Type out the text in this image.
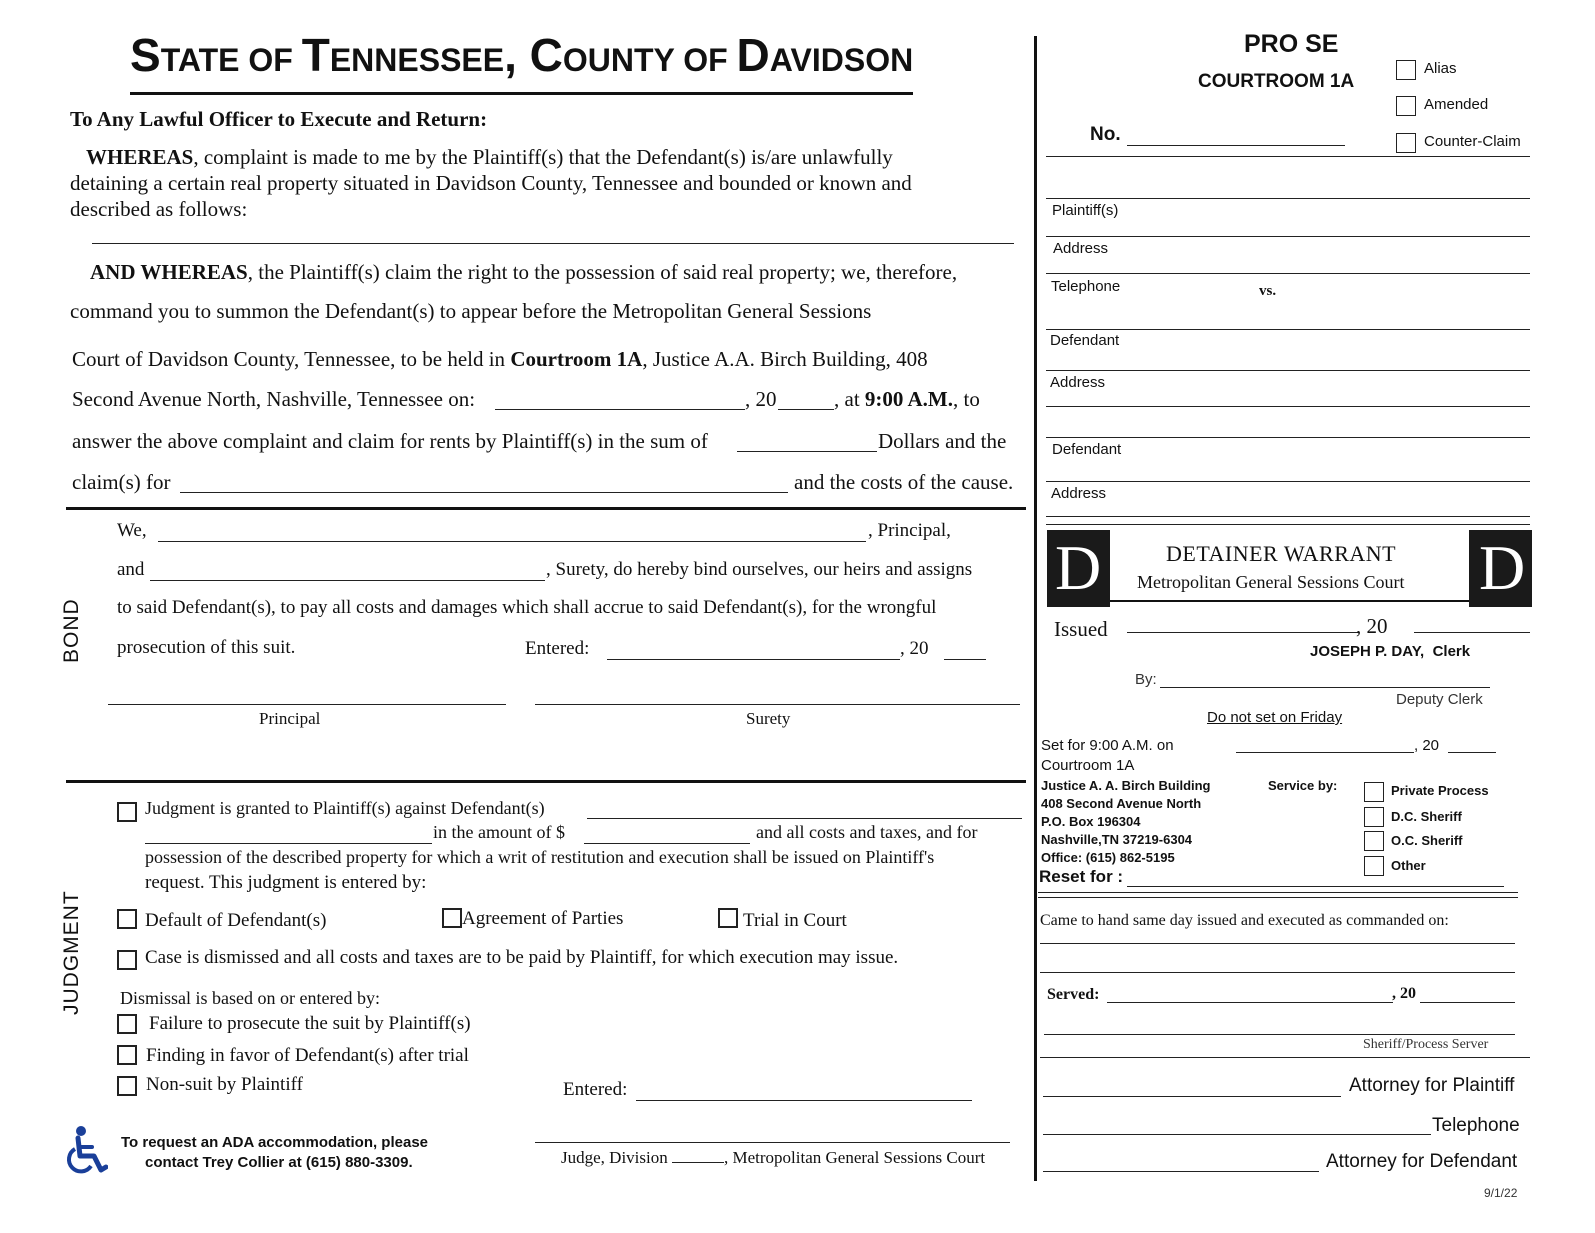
STATE OF TENNESSEE, COUNTY OF DAVIDSON
To Any Lawful Officer to Execute and Return:
WHEREAS, complaint is made to me by the Plaintiff(s) that the Defendant(s) is/are unlawfully
detaining a certain real property situated in Davidson County, Tennessee and bounded or known and
described as follows:
AND WHEREAS, the Plaintiff(s) claim the right to the possession of said real property; we, therefore,
command you to summon the Defendant(s) to appear before the Metropolitan General Sessions
Court of Davidson County, Tennessee, to be held in Courtroom 1A, Justice A.A. Birch Building, 408
Second Avenue North, Nashville, Tennessee on:	, 20	, at 9:00 A.M., to
answer the above complaint and claim for rents by Plaintiff(s) in the sum of	Dollars and the
claim(s) for	and the costs of the cause.
BOND
We,	, Principal,
and	, Surety, do hereby bind ourselves, our heirs and assigns
to said Defendant(s), to pay all costs and damages which shall accrue to said Defendant(s), for the wrongful
prosecution of this suit.	Entered:	, 20
Principal	Surety
JUDGMENT
Judgment is granted to Plaintiff(s) against Defendant(s)
in the amount of $	and all costs and taxes, and for
possession of the described property for which a writ of restitution and execution shall be issued on Plaintiff's
request. This judgment is entered by:
Default of Defendant(s)	Agreement of Parties	Trial in Court
Case is dismissed and all costs and taxes are to be paid by Plaintiff, for which execution may issue.
Dismissal is based on or entered by:
Failure to prosecute the suit by Plaintiff(s)
Finding in favor of Defendant(s) after trial
Non-suit by Plaintiff	Entered:
Judge, Division	, Metropolitan General Sessions Court
To request an ADA accommodation, please
contact Trey Collier at (615) 880-3309.
PRO SE
COURTROOM 1A
Alias
Amended
Counter-Claim
No.
Plaintiff(s)
Address
Telephone	vs.
Defendant
Address
Defendant
Address
D	D
DETAINER WARRANT
Metropolitan General Sessions Court
Issued	, 20
JOSEPH P. DAY, Clerk
By:
Deputy Clerk
Do not set on Friday
Set for 9:00 A.M. on	, 20
Courtroom 1A
Justice A. A. Birch Building
408 Second Avenue North
P.O. Box 196304
Nashville,TN 37219-6304
Office: (615) 862-5195
Service by:	Private Process
D.C. Sheriff
O.C. Sheriff
Other
Reset for :
Came to hand same day issued and executed as commanded on:
Served:	, 20
Sheriff/Process Server
Attorney for Plaintiff
Telephone
Attorney for Defendant
9/1/22
